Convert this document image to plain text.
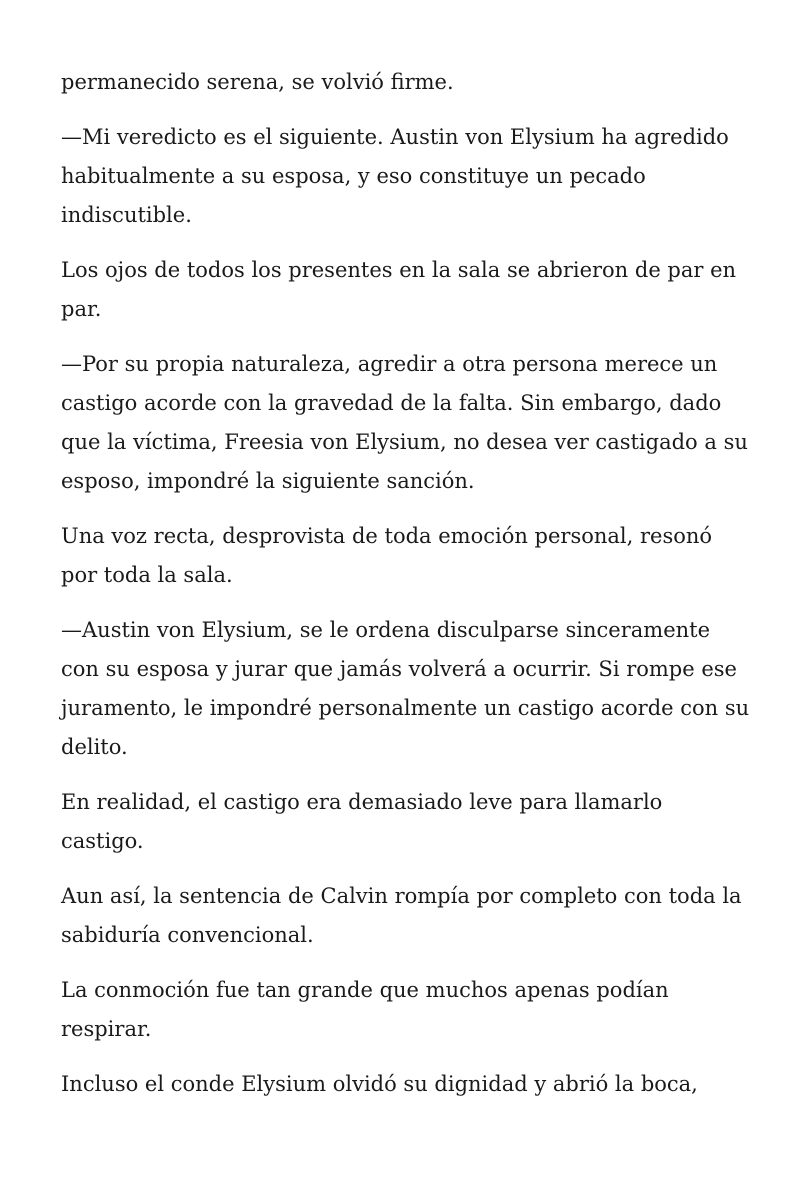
permanecido serena, se volvió firme.

—Mi veredicto es el siguiente. Austin von Elysium ha agredido habitualmente a su esposa, y eso constituye un pecado indiscutible.

Los ojos de todos los presentes en la sala se abrieron de par en par.

—Por su propia naturaleza, agredir a otra persona merece un castigo acorde con la gravedad de la falta. Sin embargo, dado que la víctima, Freesia von Elysium, no desea ver castigado a su esposo, impondré la siguiente sanción.

Una voz recta, desprovista de toda emoción personal, resonó por toda la sala.

—Austin von Elysium, se le ordena disculparse sinceramente con su esposa y jurar que jamás volverá a ocurrir. Si rompe ese juramento, le impondré personalmente un castigo acorde con su delito.

En realidad, el castigo era demasiado leve para llamarlo castigo.

Aun así, la sentencia de Calvin rompía por completo con toda la sabiduría convencional.

La conmoción fue tan grande que muchos apenas podían respirar.

Incluso el conde Elysium olvidó su dignidad y abrió la boca,
